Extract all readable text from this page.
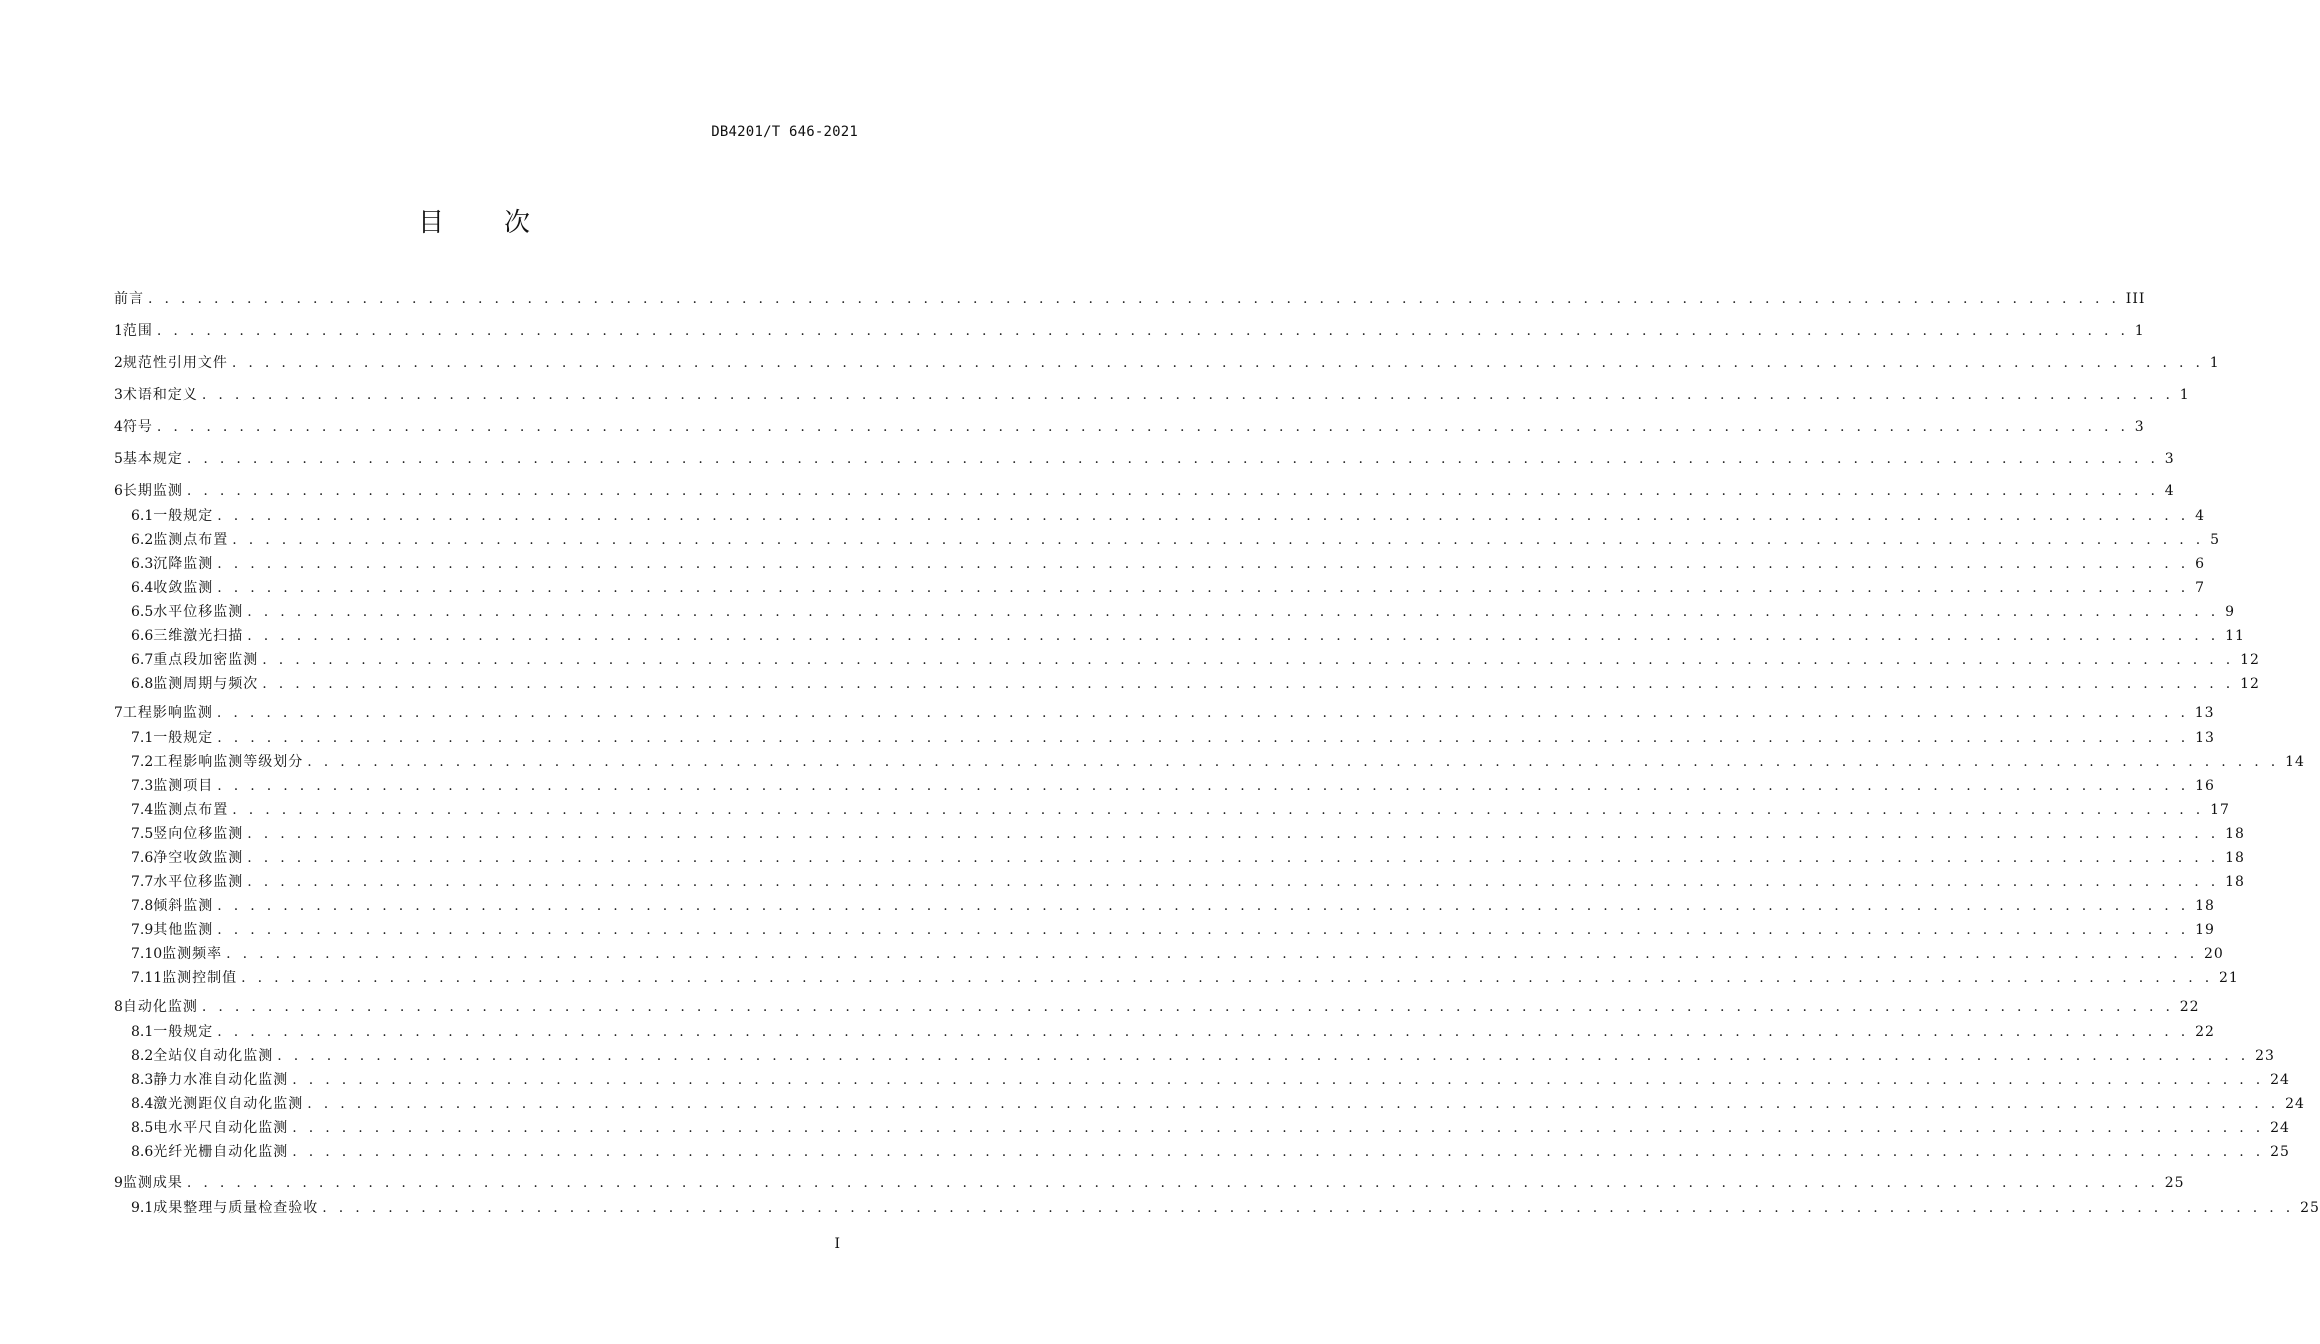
DB4201/T 646-2021
目 次
前言 . . . . . . . . . . . . . . . . . . . . . . . . . . . . . . . . . . . . . . . . . . . . . . . . . . . . . . . . . . . . . . . . . . . . . . . . . . . . . . . . . . . . . . . . . . . . . . . . . . . . . . . . . . . . . . . . . . . . . . . . III
1 范围 . . . . . . . . . . . . . . . . . . . . . . . . . . . . . . . . . . . . . . . . . . . . . . . . . . . . . . . . . . . . . . . . . . . . . . . . . . . . . . . . . . . . . . . . . . . . . . . . . . . . . . . . . . . . . . . . . . . . . . . . 1
2 规范性引用文件 . . . . . . . . . . . . . . . . . . . . . . . . . . . . . . . . . . . . . . . . . . . . . . . . . . . . . . . . . . . . . . . . . . . . . . . . . . . . . . . . . . . . . . . . . . . . . . . . . . . . . . . . . . . . . . . . . . . . . . . . 1
3 术语和定义 . . . . . . . . . . . . . . . . . . . . . . . . . . . . . . . . . . . . . . . . . . . . . . . . . . . . . . . . . . . . . . . . . . . . . . . . . . . . . . . . . . . . . . . . . . . . . . . . . . . . . . . . . . . . . . . . . . . . . . . . 1
4 符号 . . . . . . . . . . . . . . . . . . . . . . . . . . . . . . . . . . . . . . . . . . . . . . . . . . . . . . . . . . . . . . . . . . . . . . . . . . . . . . . . . . . . . . . . . . . . . . . . . . . . . . . . . . . . . . . . . . . . . . . . 3
5 基本规定 . . . . . . . . . . . . . . . . . . . . . . . . . . . . . . . . . . . . . . . . . . . . . . . . . . . . . . . . . . . . . . . . . . . . . . . . . . . . . . . . . . . . . . . . . . . . . . . . . . . . . . . . . . . . . . . . . . . . . . . . 3
6 长期监测 . . . . . . . . . . . . . . . . . . . . . . . . . . . . . . . . . . . . . . . . . . . . . . . . . . . . . . . . . . . . . . . . . . . . . . . . . . . . . . . . . . . . . . . . . . . . . . . . . . . . . . . . . . . . . . . . . . . . . . . . 4
6.1 一般规定 . . . . . . . . . . . . . . . . . . . . . . . . . . . . . . . . . . . . . . . . . . . . . . . . . . . . . . . . . . . . . . . . . . . . . . . . . . . . . . . . . . . . . . . . . . . . . . . . . . . . . . . . . . . . . . . . . . . . . . . . 4
6.2 监测点布置 . . . . . . . . . . . . . . . . . . . . . . . . . . . . . . . . . . . . . . . . . . . . . . . . . . . . . . . . . . . . . . . . . . . . . . . . . . . . . . . . . . . . . . . . . . . . . . . . . . . . . . . . . . . . . . . . . . . . . . . . 5
6.3 沉降监测 . . . . . . . . . . . . . . . . . . . . . . . . . . . . . . . . . . . . . . . . . . . . . . . . . . . . . . . . . . . . . . . . . . . . . . . . . . . . . . . . . . . . . . . . . . . . . . . . . . . . . . . . . . . . . . . . . . . . . . . . 6
6.4 收敛监测 . . . . . . . . . . . . . . . . . . . . . . . . . . . . . . . . . . . . . . . . . . . . . . . . . . . . . . . . . . . . . . . . . . . . . . . . . . . . . . . . . . . . . . . . . . . . . . . . . . . . . . . . . . . . . . . . . . . . . . . . 7
6.5 水平位移监测 . . . . . . . . . . . . . . . . . . . . . . . . . . . . . . . . . . . . . . . . . . . . . . . . . . . . . . . . . . . . . . . . . . . . . . . . . . . . . . . . . . . . . . . . . . . . . . . . . . . . . . . . . . . . . . . . . . . . . . . . 9
6.6 三维激光扫描 . . . . . . . . . . . . . . . . . . . . . . . . . . . . . . . . . . . . . . . . . . . . . . . . . . . . . . . . . . . . . . . . . . . . . . . . . . . . . . . . . . . . . . . . . . . . . . . . . . . . . . . . . . . . . . . . . . . . . . . . 11
6.7 重点段加密监测 . . . . . . . . . . . . . . . . . . . . . . . . . . . . . . . . . . . . . . . . . . . . . . . . . . . . . . . . . . . . . . . . . . . . . . . . . . . . . . . . . . . . . . . . . . . . . . . . . . . . . . . . . . . . . . . . . . . . . . . . 12
6.8 监测周期与频次 . . . . . . . . . . . . . . . . . . . . . . . . . . . . . . . . . . . . . . . . . . . . . . . . . . . . . . . . . . . . . . . . . . . . . . . . . . . . . . . . . . . . . . . . . . . . . . . . . . . . . . . . . . . . . . . . . . . . . . . . 12
7 工程影响监测 . . . . . . . . . . . . . . . . . . . . . . . . . . . . . . . . . . . . . . . . . . . . . . . . . . . . . . . . . . . . . . . . . . . . . . . . . . . . . . . . . . . . . . . . . . . . . . . . . . . . . . . . . . . . . . . . . . . . . . . . 13
7.1 一般规定 . . . . . . . . . . . . . . . . . . . . . . . . . . . . . . . . . . . . . . . . . . . . . . . . . . . . . . . . . . . . . . . . . . . . . . . . . . . . . . . . . . . . . . . . . . . . . . . . . . . . . . . . . . . . . . . . . . . . . . . . 13
7.2 工程影响监测等级划分 . . . . . . . . . . . . . . . . . . . . . . . . . . . . . . . . . . . . . . . . . . . . . . . . . . . . . . . . . . . . . . . . . . . . . . . . . . . . . . . . . . . . . . . . . . . . . . . . . . . . . . . . . . . . . . . . . . . . . . . . 14
7.3 监测项目 . . . . . . . . . . . . . . . . . . . . . . . . . . . . . . . . . . . . . . . . . . . . . . . . . . . . . . . . . . . . . . . . . . . . . . . . . . . . . . . . . . . . . . . . . . . . . . . . . . . . . . . . . . . . . . . . . . . . . . . . 16
7.4 监测点布置 . . . . . . . . . . . . . . . . . . . . . . . . . . . . . . . . . . . . . . . . . . . . . . . . . . . . . . . . . . . . . . . . . . . . . . . . . . . . . . . . . . . . . . . . . . . . . . . . . . . . . . . . . . . . . . . . . . . . . . . . 17
7.5 竖向位移监测 . . . . . . . . . . . . . . . . . . . . . . . . . . . . . . . . . . . . . . . . . . . . . . . . . . . . . . . . . . . . . . . . . . . . . . . . . . . . . . . . . . . . . . . . . . . . . . . . . . . . . . . . . . . . . . . . . . . . . . . . 18
7.6 净空收敛监测 . . . . . . . . . . . . . . . . . . . . . . . . . . . . . . . . . . . . . . . . . . . . . . . . . . . . . . . . . . . . . . . . . . . . . . . . . . . . . . . . . . . . . . . . . . . . . . . . . . . . . . . . . . . . . . . . . . . . . . . . 18
7.7 水平位移监测 . . . . . . . . . . . . . . . . . . . . . . . . . . . . . . . . . . . . . . . . . . . . . . . . . . . . . . . . . . . . . . . . . . . . . . . . . . . . . . . . . . . . . . . . . . . . . . . . . . . . . . . . . . . . . . . . . . . . . . . . 18
7.8 倾斜监测 . . . . . . . . . . . . . . . . . . . . . . . . . . . . . . . . . . . . . . . . . . . . . . . . . . . . . . . . . . . . . . . . . . . . . . . . . . . . . . . . . . . . . . . . . . . . . . . . . . . . . . . . . . . . . . . . . . . . . . . . 18
7.9 其他监测 . . . . . . . . . . . . . . . . . . . . . . . . . . . . . . . . . . . . . . . . . . . . . . . . . . . . . . . . . . . . . . . . . . . . . . . . . . . . . . . . . . . . . . . . . . . . . . . . . . . . . . . . . . . . . . . . . . . . . . . . 19
7.10 监测频率 . . . . . . . . . . . . . . . . . . . . . . . . . . . . . . . . . . . . . . . . . . . . . . . . . . . . . . . . . . . . . . . . . . . . . . . . . . . . . . . . . . . . . . . . . . . . . . . . . . . . . . . . . . . . . . . . . . . . . . . . 20
7.11 监测控制值 . . . . . . . . . . . . . . . . . . . . . . . . . . . . . . . . . . . . . . . . . . . . . . . . . . . . . . . . . . . . . . . . . . . . . . . . . . . . . . . . . . . . . . . . . . . . . . . . . . . . . . . . . . . . . . . . . . . . . . . . 21
8 自动化监测 . . . . . . . . . . . . . . . . . . . . . . . . . . . . . . . . . . . . . . . . . . . . . . . . . . . . . . . . . . . . . . . . . . . . . . . . . . . . . . . . . . . . . . . . . . . . . . . . . . . . . . . . . . . . . . . . . . . . . . . . 22
8.1 一般规定 . . . . . . . . . . . . . . . . . . . . . . . . . . . . . . . . . . . . . . . . . . . . . . . . . . . . . . . . . . . . . . . . . . . . . . . . . . . . . . . . . . . . . . . . . . . . . . . . . . . . . . . . . . . . . . . . . . . . . . . . 22
8.2 全站仪自动化监测 . . . . . . . . . . . . . . . . . . . . . . . . . . . . . . . . . . . . . . . . . . . . . . . . . . . . . . . . . . . . . . . . . . . . . . . . . . . . . . . . . . . . . . . . . . . . . . . . . . . . . . . . . . . . . . . . . . . . . . . . 23
8.3 静力水准自动化监测 . . . . . . . . . . . . . . . . . . . . . . . . . . . . . . . . . . . . . . . . . . . . . . . . . . . . . . . . . . . . . . . . . . . . . . . . . . . . . . . . . . . . . . . . . . . . . . . . . . . . . . . . . . . . . . . . . . . . . . . . 24
8.4 激光测距仪自动化监测 . . . . . . . . . . . . . . . . . . . . . . . . . . . . . . . . . . . . . . . . . . . . . . . . . . . . . . . . . . . . . . . . . . . . . . . . . . . . . . . . . . . . . . . . . . . . . . . . . . . . . . . . . . . . . . . . . . . . . . . . 24
8.5 电水平尺自动化监测 . . . . . . . . . . . . . . . . . . . . . . . . . . . . . . . . . . . . . . . . . . . . . . . . . . . . . . . . . . . . . . . . . . . . . . . . . . . . . . . . . . . . . . . . . . . . . . . . . . . . . . . . . . . . . . . . . . . . . . . . 24
8.6 光纤光栅自动化监测 . . . . . . . . . . . . . . . . . . . . . . . . . . . . . . . . . . . . . . . . . . . . . . . . . . . . . . . . . . . . . . . . . . . . . . . . . . . . . . . . . . . . . . . . . . . . . . . . . . . . . . . . . . . . . . . . . . . . . . . . 25
9 监测成果 . . . . . . . . . . . . . . . . . . . . . . . . . . . . . . . . . . . . . . . . . . . . . . . . . . . . . . . . . . . . . . . . . . . . . . . . . . . . . . . . . . . . . . . . . . . . . . . . . . . . . . . . . . . . . . . . . . . . . . . . 25
9.1 成果整理与质量检查验收 . . . . . . . . . . . . . . . . . . . . . . . . . . . . . . . . . . . . . . . . . . . . . . . . . . . . . . . . . . . . . . . . . . . . . . . . . . . . . . . . . . . . . . . . . . . . . . . . . . . . . . . . . . . . . . . . . . . . . . . . 25
I
